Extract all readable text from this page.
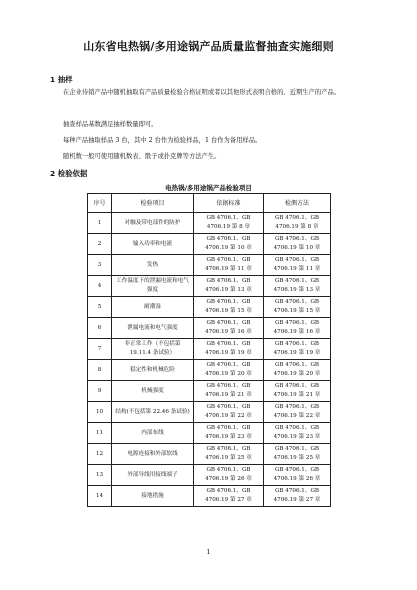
山东省电热锅/多用途锅产品质量监督抽查实施细则
1 抽样
在企业待销产品中随机抽取有产品质量检验合格证明或者以其他形式表明合格的、近期生产的产品。
抽查样品基数满足抽样数量即可。
每种产品抽取样品 3 台，其中 2 台作为检验样品，1 台作为备用样品。
随机数一般可使用随机数表、骰子或扑克牌等方法产生。
2 检验依据
电热锅/多用途锅产品检验项目
序号	检验项目	依据标准	检测方法
1	对触及带电部件的防护	GB 4706.1、GB 4706.19 第 8 章	GB 4706.1、GB 4706.19 第 8 章
2	输入功率和电流	GB 4706.1、GB 4706.19 第 10 章	GB 4706.1、GB 4706.19 第 10 章
3	发热	GB 4706.1、GB 4706.19 第 11 章	GB 4706.1、GB 4706.19 第 11 章
4	工作温度下的泄漏电流和电气强度	GB 4706.1、GB 4706.19 第 13 章	GB 4706.1、GB 4706.19 第 13 章
5	耐潮湿	GB 4706.1、GB 4706.19 第 15 章	GB 4706.1、GB 4706.19 第 15 章
6	泄漏电流和电气强度	GB 4706.1、GB 4706.19 第 16 章	GB 4706.1、GB 4706.19 第 16 章
7	非正常工作（不包括第 19.11.4 条试验）	GB 4706.1、GB 4706.19 第 19 章	GB 4706.1、GB 4706.19 第 19 章
8	稳定性和机械危险	GB 4706.1、GB 4706.19 第 20 章	GB 4706.1、GB 4706.19 第 20 章
9	机械强度	GB 4706.1、GB 4706.19 第 21 章	GB 4706.1、GB 4706.19 第 21 章
10	结构(不包括第 22.46 条试验)	GB 4706.1、GB 4706.19 第 22 章	GB 4706.1、GB 4706.19 第 22 章
11	内部布线	GB 4706.1、GB 4706.19 第 23 章	GB 4706.1、GB 4706.19 第 23 章
12	电源连接和外部软线	GB 4706.1、GB 4706.19 第 25 章	GB 4706.1、GB 4706.19 第 25 章
13	外部导线用接线端子	GB 4706.1、GB 4706.19 第 26 章	GB 4706.1、GB 4706.19 第 26 章
14	接地措施	GB 4706.1、GB 4706.19 第 27 章	GB 4706.1、GB 4706.19 第 27 章
1
